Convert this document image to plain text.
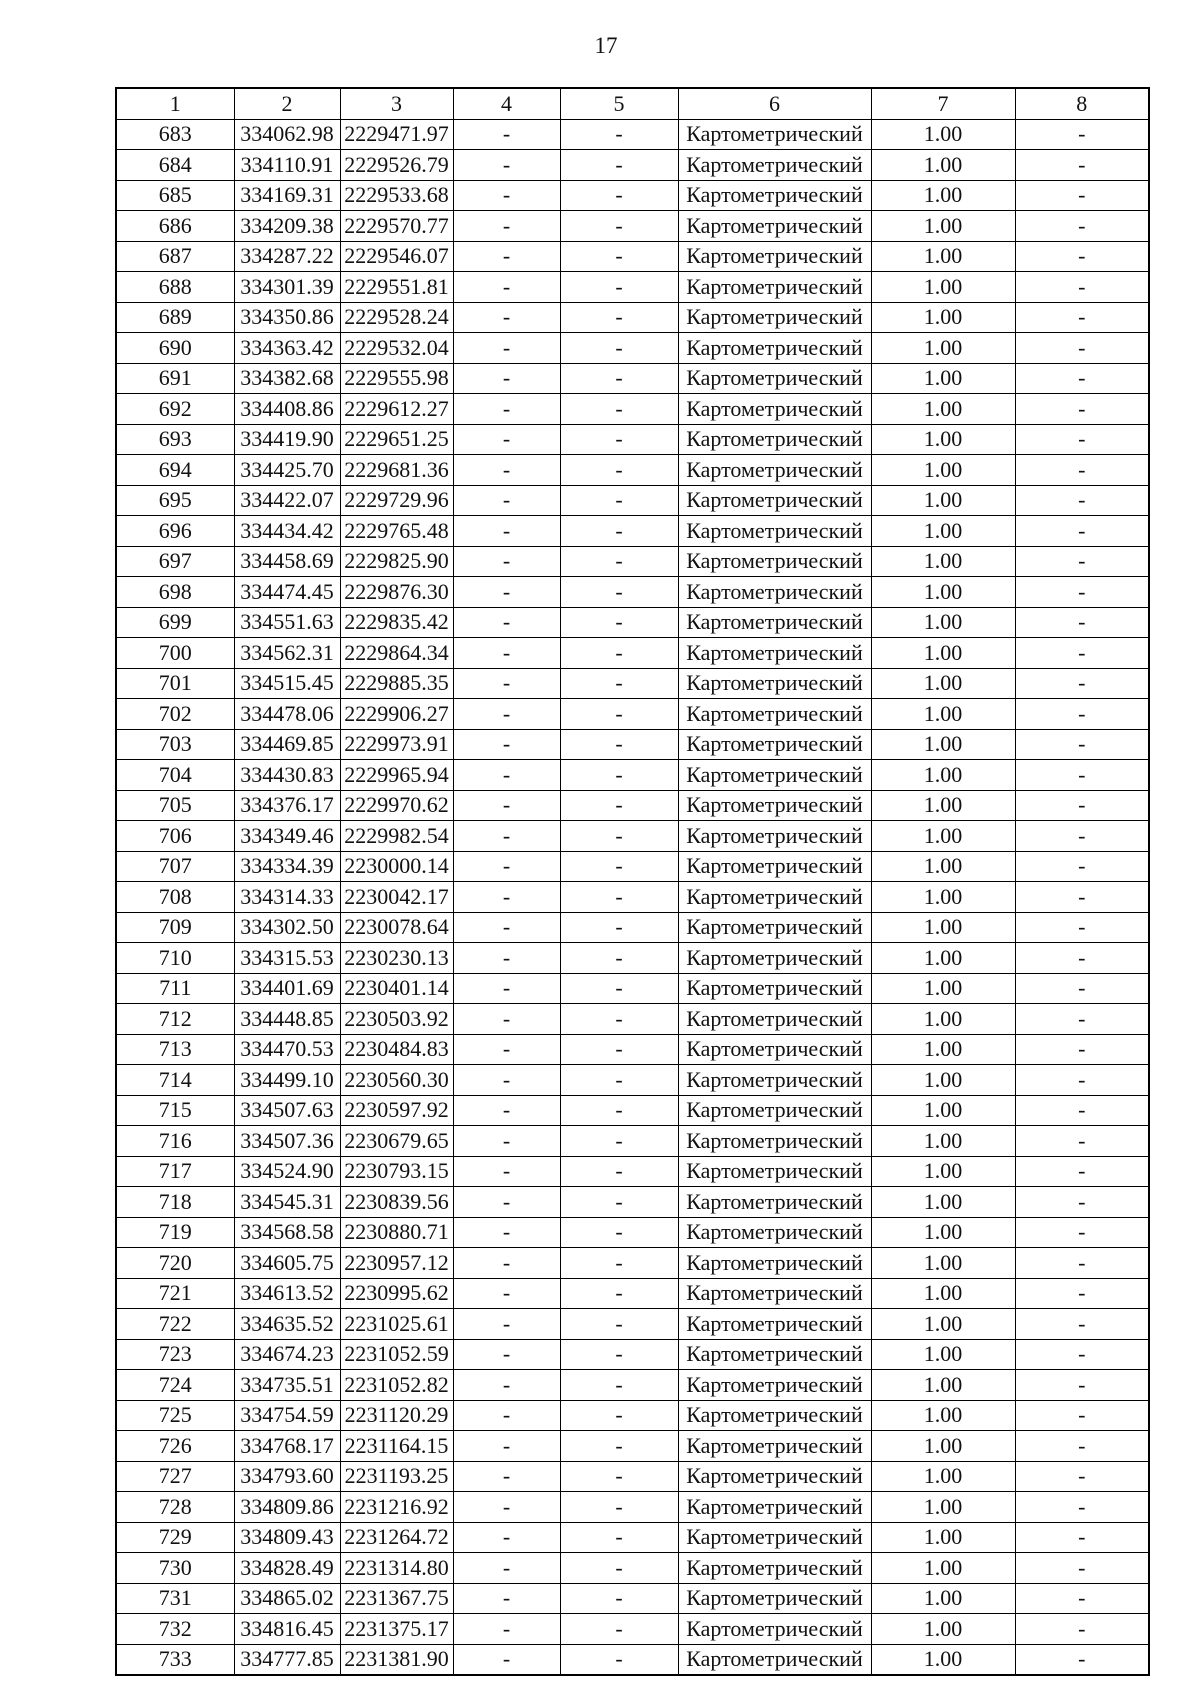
17
1	2	3	4	5	6	7	8
683	334062.98	2229471.97	-	-	Картометрический	1.00	-
684	334110.91	2229526.79	-	-	Картометрический	1.00	-
685	334169.31	2229533.68	-	-	Картометрический	1.00	-
686	334209.38	2229570.77	-	-	Картометрический	1.00	-
687	334287.22	2229546.07	-	-	Картометрический	1.00	-
688	334301.39	2229551.81	-	-	Картометрический	1.00	-
689	334350.86	2229528.24	-	-	Картометрический	1.00	-
690	334363.42	2229532.04	-	-	Картометрический	1.00	-
691	334382.68	2229555.98	-	-	Картометрический	1.00	-
692	334408.86	2229612.27	-	-	Картометрический	1.00	-
693	334419.90	2229651.25	-	-	Картометрический	1.00	-
694	334425.70	2229681.36	-	-	Картометрический	1.00	-
695	334422.07	2229729.96	-	-	Картометрический	1.00	-
696	334434.42	2229765.48	-	-	Картометрический	1.00	-
697	334458.69	2229825.90	-	-	Картометрический	1.00	-
698	334474.45	2229876.30	-	-	Картометрический	1.00	-
699	334551.63	2229835.42	-	-	Картометрический	1.00	-
700	334562.31	2229864.34	-	-	Картометрический	1.00	-
701	334515.45	2229885.35	-	-	Картометрический	1.00	-
702	334478.06	2229906.27	-	-	Картометрический	1.00	-
703	334469.85	2229973.91	-	-	Картометрический	1.00	-
704	334430.83	2229965.94	-	-	Картометрический	1.00	-
705	334376.17	2229970.62	-	-	Картометрический	1.00	-
706	334349.46	2229982.54	-	-	Картометрический	1.00	-
707	334334.39	2230000.14	-	-	Картометрический	1.00	-
708	334314.33	2230042.17	-	-	Картометрический	1.00	-
709	334302.50	2230078.64	-	-	Картометрический	1.00	-
710	334315.53	2230230.13	-	-	Картометрический	1.00	-
711	334401.69	2230401.14	-	-	Картометрический	1.00	-
712	334448.85	2230503.92	-	-	Картометрический	1.00	-
713	334470.53	2230484.83	-	-	Картометрический	1.00	-
714	334499.10	2230560.30	-	-	Картометрический	1.00	-
715	334507.63	2230597.92	-	-	Картометрический	1.00	-
716	334507.36	2230679.65	-	-	Картометрический	1.00	-
717	334524.90	2230793.15	-	-	Картометрический	1.00	-
718	334545.31	2230839.56	-	-	Картометрический	1.00	-
719	334568.58	2230880.71	-	-	Картометрический	1.00	-
720	334605.75	2230957.12	-	-	Картометрический	1.00	-
721	334613.52	2230995.62	-	-	Картометрический	1.00	-
722	334635.52	2231025.61	-	-	Картометрический	1.00	-
723	334674.23	2231052.59	-	-	Картометрический	1.00	-
724	334735.51	2231052.82	-	-	Картометрический	1.00	-
725	334754.59	2231120.29	-	-	Картометрический	1.00	-
726	334768.17	2231164.15	-	-	Картометрический	1.00	-
727	334793.60	2231193.25	-	-	Картометрический	1.00	-
728	334809.86	2231216.92	-	-	Картометрический	1.00	-
729	334809.43	2231264.72	-	-	Картометрический	1.00	-
730	334828.49	2231314.80	-	-	Картометрический	1.00	-
731	334865.02	2231367.75	-	-	Картометрический	1.00	-
732	334816.45	2231375.17	-	-	Картометрический	1.00	-
733	334777.85	2231381.90	-	-	Картометрический	1.00	-
